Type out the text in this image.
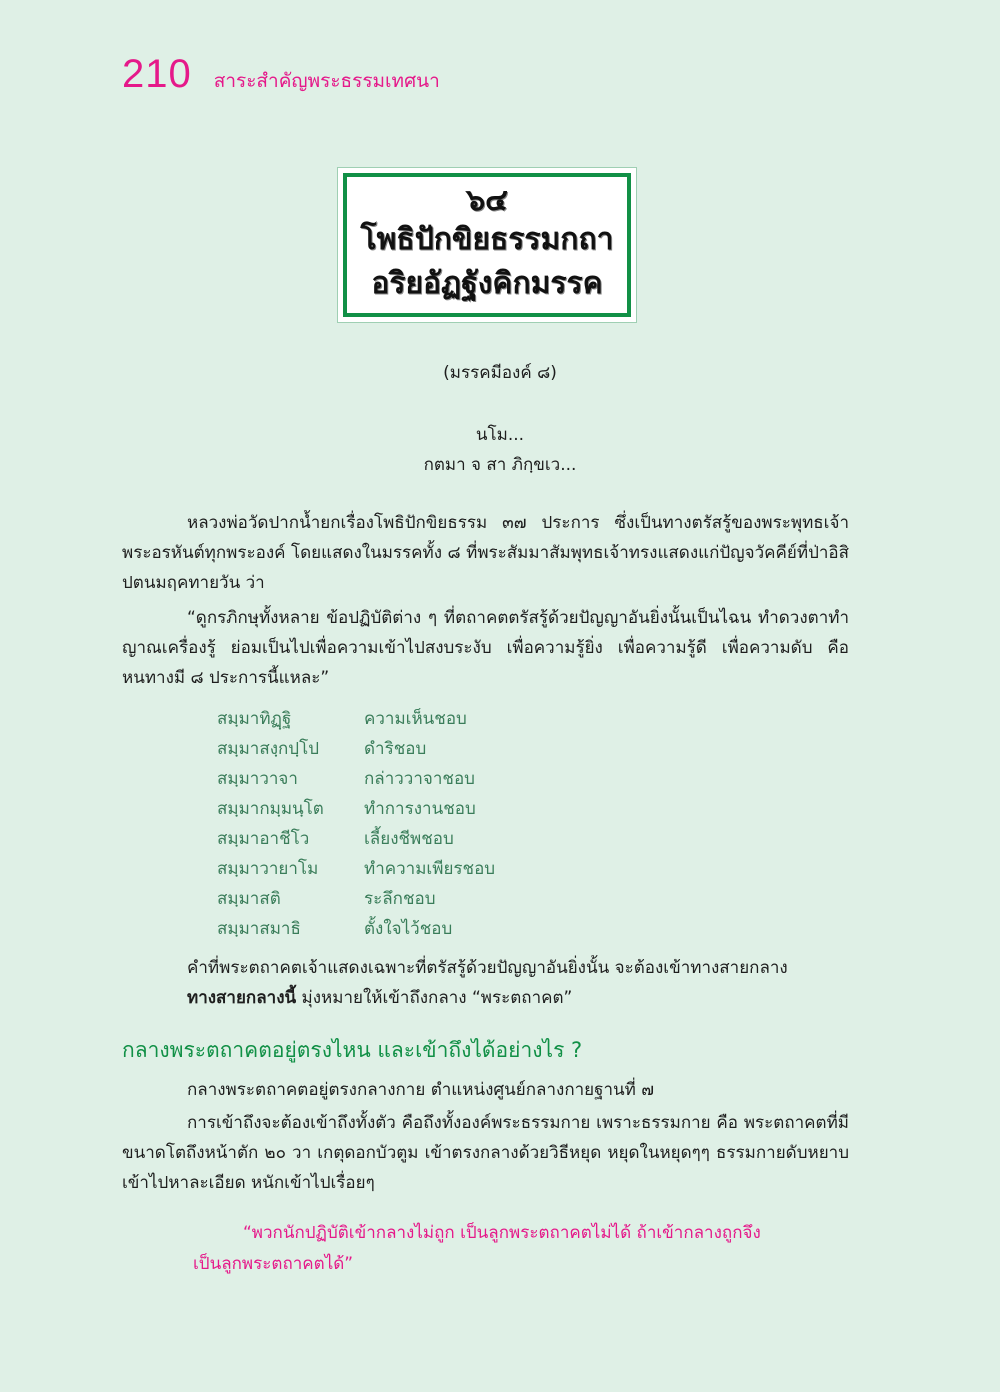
210 สาระสำคัญพระธรรมเทศนา
๖๔
โพธิปักขิยธรรมกถา
อริยอัฏฐังคิกมรรค
(มรรคมีองค์ ๘)
นโม...
กตมา จ สา ภิกฺขเว...
หลวงพ่อวัดปากน้ำยกเรื่องโพธิปักขิยธรรม ๓๗ ประการ ซึ่งเป็นทางตรัสรู้ของพระพุทธเจ้าพระอรหันต์ทุกพระองค์ โดยแสดงในมรรคทั้ง ๘ ที่พระสัมมาสัมพุทธเจ้าทรงแสดงแก่ปัญจวัคคีย์ที่ป่าอิสิปตนมฤคทายวัน ว่า
“ดูกรภิกษุทั้งหลาย ข้อปฏิบัติต่าง ๆ ที่ตถาคตตรัสรู้ด้วยปัญญาอันยิ่งนั้นเป็นไฉน ทำดวงตาทำญาณเครื่องรู้ ย่อมเป็นไปเพื่อความเข้าไปสงบระงับ เพื่อความรู้ยิ่ง เพื่อความรู้ดี เพื่อความดับ คือ หนทางมี ๘ ประการนี้แหละ”
สมฺมาทิฏฺฐิ	ความเห็นชอบ
สมฺมาสงฺกปฺโป	ดำริชอบ
สมฺมาวาจา	กล่าววาจาชอบ
สมฺมากมฺมนฺโต	ทำการงานชอบ
สมฺมาอาชีโว	เลี้ยงชีพชอบ
สมฺมาวายาโม	ทำความเพียรชอบ
สมฺมาสติ	ระลึกชอบ
สมฺมาสมาธิ	ตั้งใจไว้ชอบ
คำที่พระตถาคตเจ้าแสดงเฉพาะที่ตรัสรู้ด้วยปัญญาอันยิ่งนั้น จะต้องเข้าทางสายกลาง
ทางสายกลางนี้ มุ่งหมายให้เข้าถึงกลาง “พระตถาคต”
กลางพระตถาคตอยู่ตรงไหน และเข้าถึงได้อย่างไร ?
กลางพระตถาคตอยู่ตรงกลางกาย ตำแหน่งศูนย์กลางกายฐานที่ ๗
การเข้าถึงจะต้องเข้าถึงทั้งตัว คือถึงทั้งองค์พระธรรมกาย เพราะธรรมกาย คือ พระตถาคตที่มีขนาดโตถึงหน้าตัก ๒๐ วา เกตุดอกบัวตูม เข้าตรงกลางด้วยวิธีหยุด หยุดในหยุดๆๆ ธรรมกายดับหยาบเข้าไปหาละเอียด หนักเข้าไปเรื่อยๆ
“พวกนักปฏิบัติเข้ากลางไม่ถูก เป็นลูกพระตถาคตไม่ได้ ถ้าเข้ากลางถูกจึง
เป็นลูกพระตถาคตได้”
